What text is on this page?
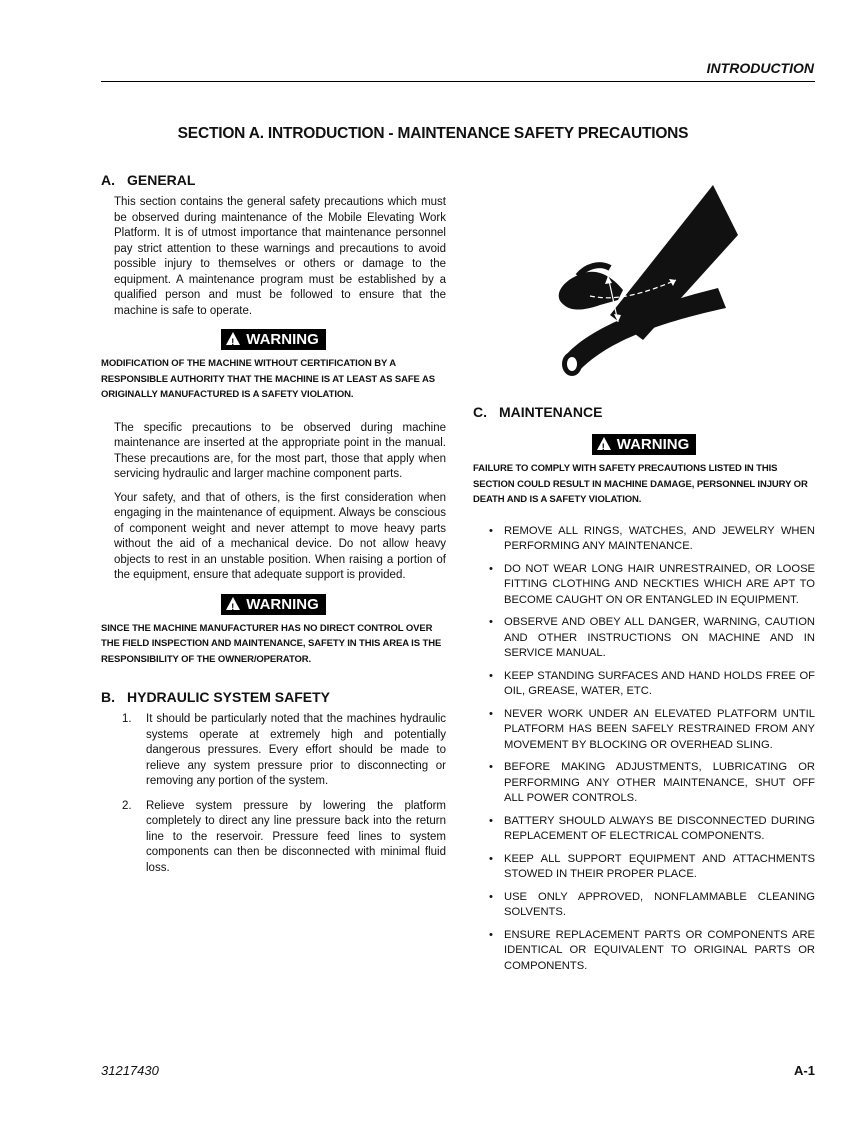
INTRODUCTION
SECTION A. INTRODUCTION - MAINTENANCE SAFETY PRECAUTIONS
A. GENERAL

This section contains the general safety precautions which must be observed during maintenance of the Mobile Elevating Work Platform. It is of utmost importance that maintenance personnel pay strict attention to these warnings and precautions to avoid possible injury to themselves or others or damage to the equipment. A maintenance program must be established by a qualified person and must be followed to ensure that the machine is safe to operate.

! WARNING
MODIFICATION OF THE MACHINE WITHOUT CERTIFICATION BY A RESPONSIBLE AUTHORITY THAT THE MACHINE IS AT LEAST AS SAFE AS ORIGINALLY MANUFACTURED IS A SAFETY VIOLATION.

The specific precautions to be observed during machine maintenance are inserted at the appropriate point in the manual. These precautions are, for the most part, those that apply when servicing hydraulic and larger machine component parts.

Your safety, and that of others, is the first consideration when engaging in the maintenance of equipment. Always be conscious of component weight and never attempt to move heavy parts without the aid of a mechanical device. Do not allow heavy objects to rest in an unstable position. When raising a portion of the equipment, ensure that adequate support is provided.

! WARNING
SINCE THE MACHINE MANUFACTURER HAS NO DIRECT CONTROL OVER THE FIELD INSPECTION AND MAINTENANCE, SAFETY IN THIS AREA IS THE RESPONSIBILITY OF THE OWNER/OPERATOR.
B. HYDRAULIC SYSTEM SAFETY
1. It should be particularly noted that the machines hydraulic systems operate at extremely high and potentially dangerous pressures. Every effort should be made to relieve any system pressure prior to disconnecting or removing any portion of the system.
2. Relieve system pressure by lowering the platform completely to direct any line pressure back into the return line to the reservoir. Pressure feed lines to system components can then be disconnected with minimal fluid loss.
C. MAINTENANCE
! WARNING
FAILURE TO COMPLY WITH SAFETY PRECAUTIONS LISTED IN THIS SECTION COULD RESULT IN MACHINE DAMAGE, PERSONNEL INJURY OR DEATH AND IS A SAFETY VIOLATION.
• REMOVE ALL RINGS, WATCHES, AND JEWELRY WHEN PERFORMING ANY MAINTENANCE.
• DO NOT WEAR LONG HAIR UNRESTRAINED, OR LOOSE FITTING CLOTHING AND NECKTIES WHICH ARE APT TO BECOME CAUGHT ON OR ENTANGLED IN EQUIPMENT.
• OBSERVE AND OBEY ALL DANGER, WARNING, CAUTION AND OTHER INSTRUCTIONS ON MACHINE AND IN SERVICE MANUAL.
• KEEP STANDING SURFACES AND HAND HOLDS FREE OF OIL, GREASE, WATER, ETC.
• NEVER WORK UNDER AN ELEVATED PLATFORM UNTIL PLATFORM HAS BEEN SAFELY RESTRAINED FROM ANY MOVEMENT BY BLOCKING OR OVERHEAD SLING.
• BEFORE MAKING ADJUSTMENTS, LUBRICATING OR PERFORMING ANY OTHER MAINTENANCE, SHUT OFF ALL POWER CONTROLS.
• BATTERY SHOULD ALWAYS BE DISCONNECTED DURING REPLACEMENT OF ELECTRICAL COMPONENTS.
• KEEP ALL SUPPORT EQUIPMENT AND ATTACHMENTS STOWED IN THEIR PROPER PLACE.
• USE ONLY APPROVED, NONFLAMMABLE CLEANING SOLVENTS.
• ENSURE REPLACEMENT PARTS OR COMPONENTS ARE IDENTICAL OR EQUIVALENT TO ORIGINAL PARTS OR COMPONENTS.
31217430	A-1
